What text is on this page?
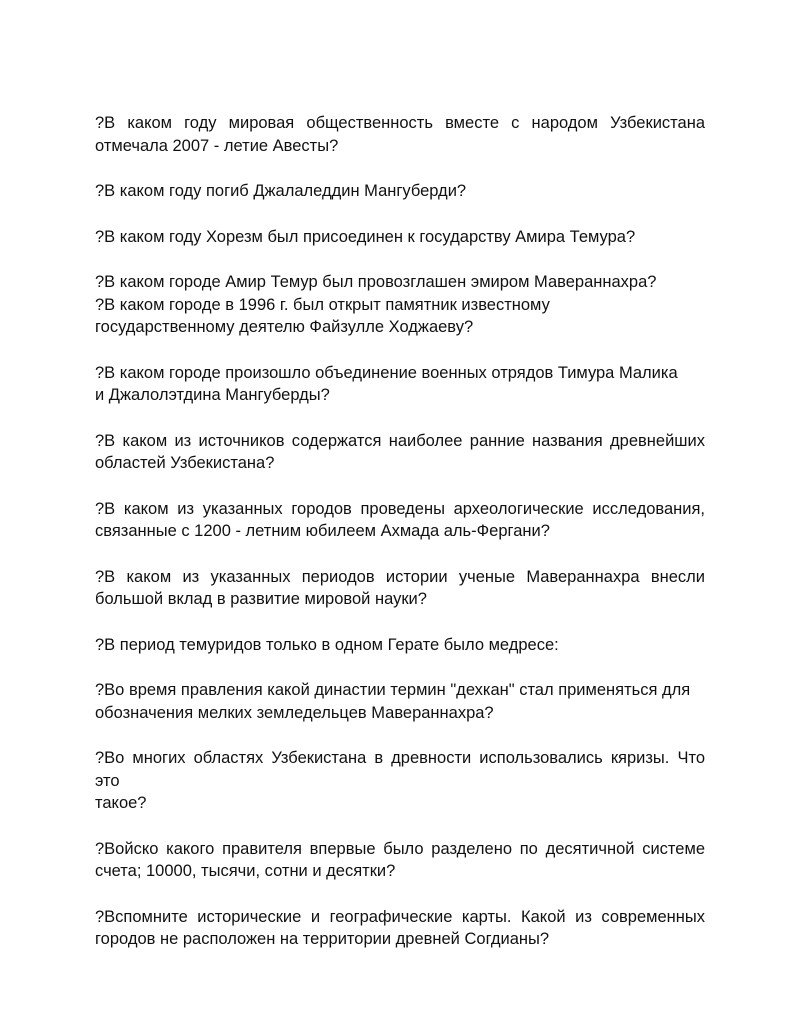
?В каком году мировая общественность вместе с народом Узбекистана
отмечала 2007 - летие Авесты?

?В каком году погиб Джалаледдин Мангуберди?

?В каком году Хорезм был присоединен к государству Амира Темура?

?В каком городе Амир Темур был провозглашен эмиром Мавераннахра?

?В каком городе в 1996 г. был открыт памятник известному
государственному деятелю Файзулле Ходжаеву?

?В каком городе произошло объединение военных отрядов Тимура Малика
и Джалолэтдина Мангуберды?

?В каком из источников содержатся наиболее ранние названия древнейших
областей Узбекистана?

?В каком из указанных городов проведены археологические исследования,
связанные с 1200 - летним юбилеем Ахмада аль-Фергани?

?В каком из указанных периодов истории ученые Мавераннахра внесли
большой вклад в развитие мировой науки?

?В период темуридов только в одном Герате было медресе:

?Во время правления какой династии термин "дехкан" стал применяться для
обозначения мелких земледельцев Мавераннахра?

?Во многих областях Узбекистана в древности использовались кяризы. Что это
такое?

?Войско какого правителя впервые было разделено по десятичной системе
счета; 10000, тысячи, сотни и десятки?

?Вспомните исторические и географические карты. Какой из современных
городов не расположен на территории древней Согдианы?
